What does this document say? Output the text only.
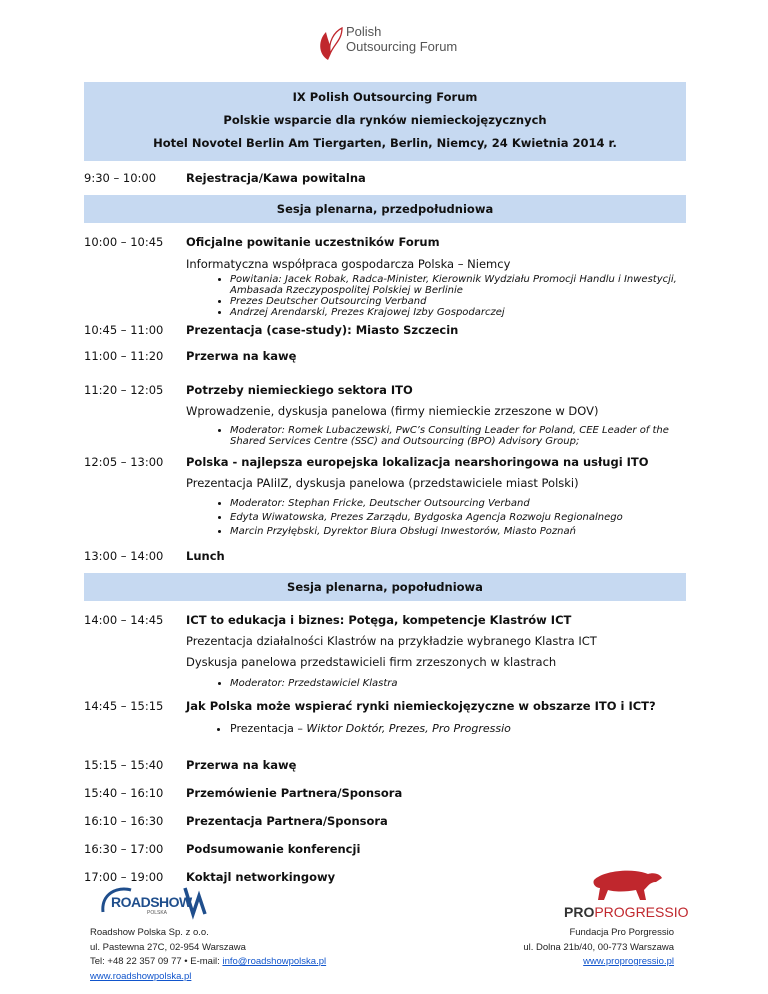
Polish
Outsourcing Forum
IX Polish Outsourcing Forum
Polskie wsparcie dla rynków niemieckojęzycznych
Hotel Novotel Berlin Am Tiergarten, Berlin, Niemcy, 24 Kwietnia 2014 r.
9:30 – 10:00	Rejestracja/Kawa powitalna
Sesja plenarna, przedpołudniowa
10:00 – 10:45	Oficjalne powitanie uczestników Forum
Informatyczna współpraca gospodarcza Polska – Niemcy
• Powitania: Jacek Robak, Radca-Minister, Kierownik Wydziału Promocji Handlu i Inwestycji, Ambasada Rzeczypospolitej Polskiej w Berlinie
• Prezes Deutscher Outsourcing Verband
• Andrzej Arendarski, Prezes Krajowej Izby Gospodarczej
10:45 – 11:00	Prezentacja (case-study): Miasto Szczecin
11:00 – 11:20	Przerwa na kawę
11:20 – 12:05	Potrzeby niemieckiego sektora ITO
Wprowadzenie, dyskusja panelowa (firmy niemieckie zrzeszone w DOV)
• Moderator: Romek Lubaczewski, PwC’s Consulting Leader for Poland, CEE Leader of the Shared Services Centre (SSC) and Outsourcing (BPO) Advisory Group;
12:05 – 13:00	Polska - najlepsza europejska lokalizacja nearshoringowa na usługi ITO
Prezentacja PAIiIZ, dyskusja panelowa (przedstawiciele miast Polski)
• Moderator: Stephan Fricke, Deutscher Outsourcing Verband
• Edyta Wiwatowska, Prezes Zarządu, Bydgoska Agencja Rozwoju Regionalnego
• Marcin Przyłębski, Dyrektor Biura Obsługi Inwestorów, Miasto Poznań
13:00 – 14:00	Lunch
Sesja plenarna, popołudniowa
14:00 – 14:45	ICT to edukacja i biznes: Potęga, kompetencje Klastrów ICT
Prezentacja działalności Klastrów na przykładzie wybranego Klastra ICT
Dyskusja panelowa przedstawicieli firm zrzeszonych w klastrach
• Moderator: Przedstawiciel Klastra
14:45 – 15:15	Jak Polska może wspierać rynki niemieckojęzyczne w obszarze ITO i ICT?
• Prezentacja – Wiktor Doktór, Prezes, Pro Progressio
15:15 – 15:40	Przerwa na kawę
15:40 – 16:10	Przemówienie Partnera/Sponsora
16:10 – 16:30	Prezentacja Partnera/Sponsora
16:30 – 17:00	Podsumowanie konferencji
17:00 – 19:00	Koktajl networkingowy
ROADSHOW
POLSKA	PROPROGRESSIO
Roadshow Polska Sp. z o.o.
ul. Pastewna 27C, 02-954 Warszawa
Tel: +48 22 357 09 77 • E-mail: info@roadshowpolska.pl
www.roadshowpolska.pl
Fundacja Pro Porgressio
ul. Dolna 21b/40, 00-773 Warszawa
www.proprogressio.pl
